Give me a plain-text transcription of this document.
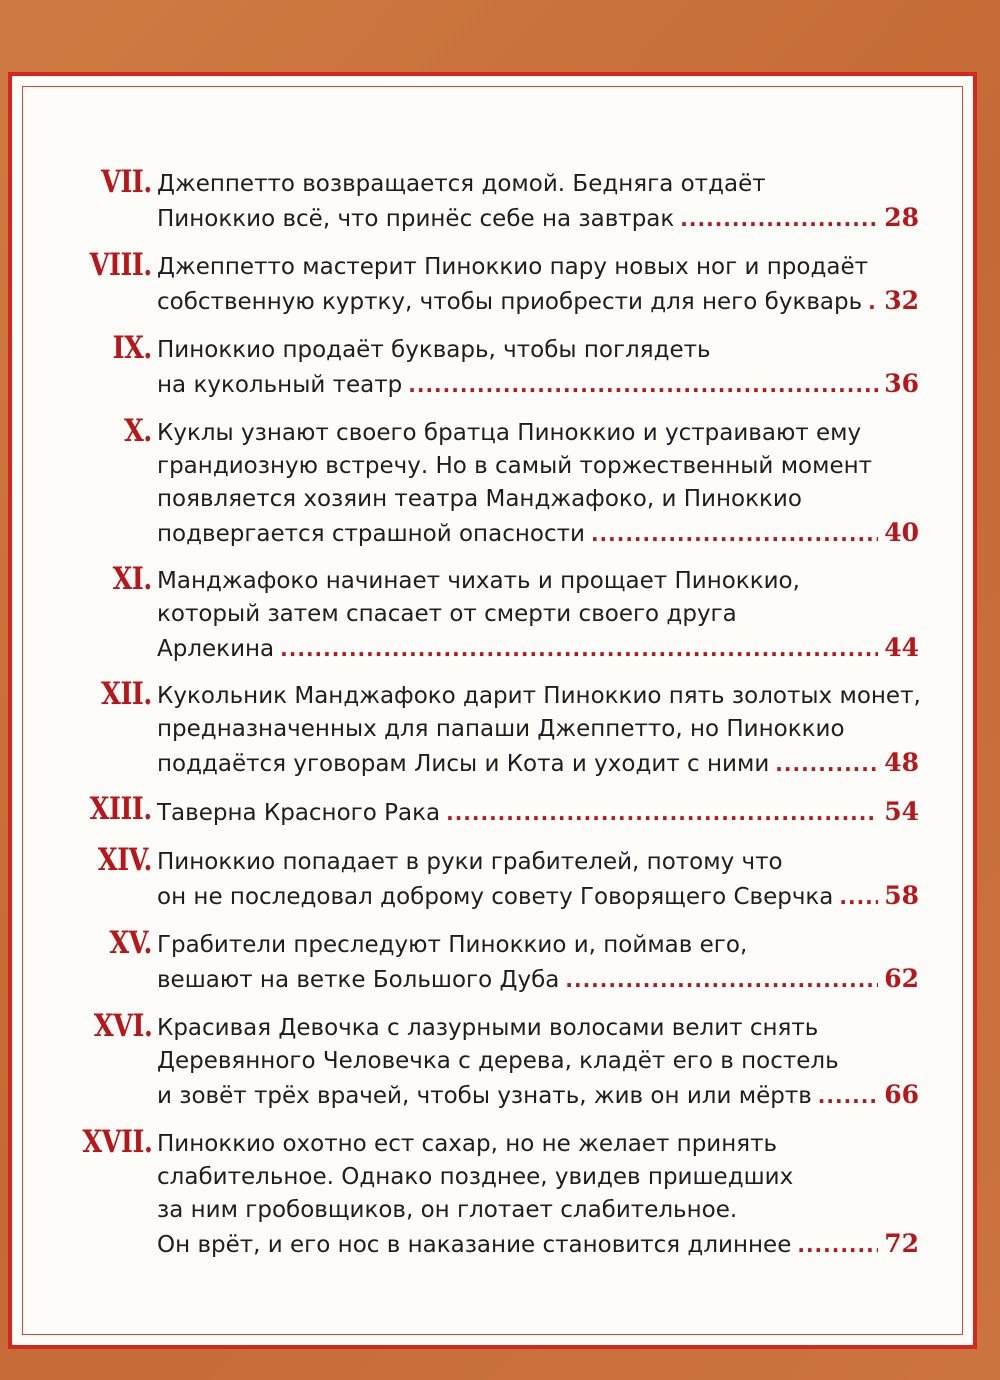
VII. Джеппетто возвращается домой. Бедняга отдаёт
Пиноккио всё, что принёс себе на завтрак .....	28
VIII. Джеппетто мастерит Пиноккио пару новых ног и продаёт
собственную куртку, чтобы приобрести для него букварь ..... 32
IX. Пиноккио продаёт букварь, чтобы поглядеть
на кукольный театр .....	36
X. Куклы узнают своего братца Пиноккио и устраивают ему
грандиозную встречу. Но в самый торжественный момент
появляется хозяин театра Манджафоко, и Пиноккио
подвергается страшной опасности .....	40
XI. Манджафоко начинает чихать и прощает Пиноккио,
который затем спасает от смерти своего друга
Арлекина .....	44
XII. Кукольник Манджафоко дарит Пиноккио пять золотых монет,
предназначенных для папаши Джеппетто, но Пиноккио
поддаётся уговорам Лисы и Кота и уходит с ними .....	48
XIII. Таверна Красного Рака .....	54
XIV. Пиноккио попадает в руки грабителей, потому что
он не последовал доброму совету Говорящего Сверчка ..... 58
XV. Грабители преследуют Пиноккио и, поймав его,
вешают на ветке Большого Дуба .....	62
XVI. Красивая Девочка с лазурными волосами велит снять
Деревянного Человечка с дерева, кладёт его в постель
и зовёт трёх врачей, чтобы узнать, жив он или мёртв .....	66
XVII. Пиноккио охотно ест сахар, но не желает принять
слабительное. Однако позднее, увидев пришедших
за ним гробовщиков, он глотает слабительное.
Он врёт, и его нос в наказание становится длиннее .....	72
